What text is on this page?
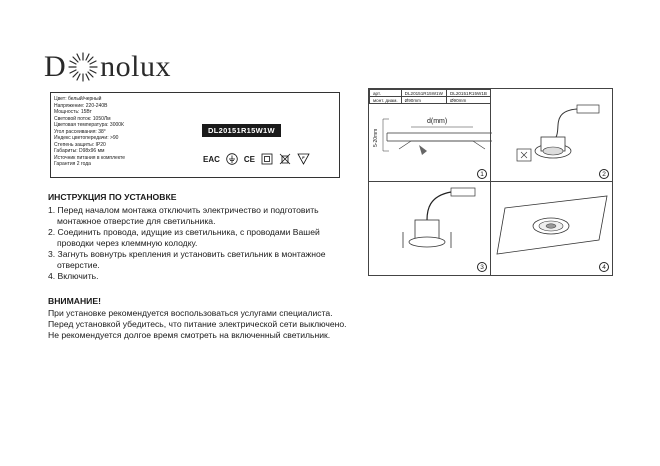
D nolux
Цвет: белый/черный
Напряжение: 220-240В
Мощность: 15Вт
Световой поток: 1050Лм
Цветовая температура: 3000К
Угол рассеивания: 38°
Индекс цветопередачи: >90
Степень защиты: IP20
Габариты: D98х96 мм
Источник питания в комплекте
Гарантия 2 года
DL20151R15W1W
EAC	CE	F
ИНСТРУКЦИЯ ПО УСТАНОВКЕ
1. Перед началом монтажа отключить электричество и подготовить монтажное отверстие для светильника.
2. Соединить провода, идущие из светильника, с проводами Вашей проводки через клеммную колодку.
3. Загнуть вовнутрь крепления и установить светильник в монтажное отверстие.
4. Включить.
ВНИМАНИЕ!
При установке рекомендуется воспользоваться услугами специалиста.
Перед установкой убедитесь, что питание электрической сети выключено.
Не рекомендуется долгое время смотреть на включенный светильник.
арт.	DL20151R15W1W	DL20151R15W1B
монт. диам.	Ø90mm	Ø90mm
d(mm)
5-20mm
1	2
3	4
